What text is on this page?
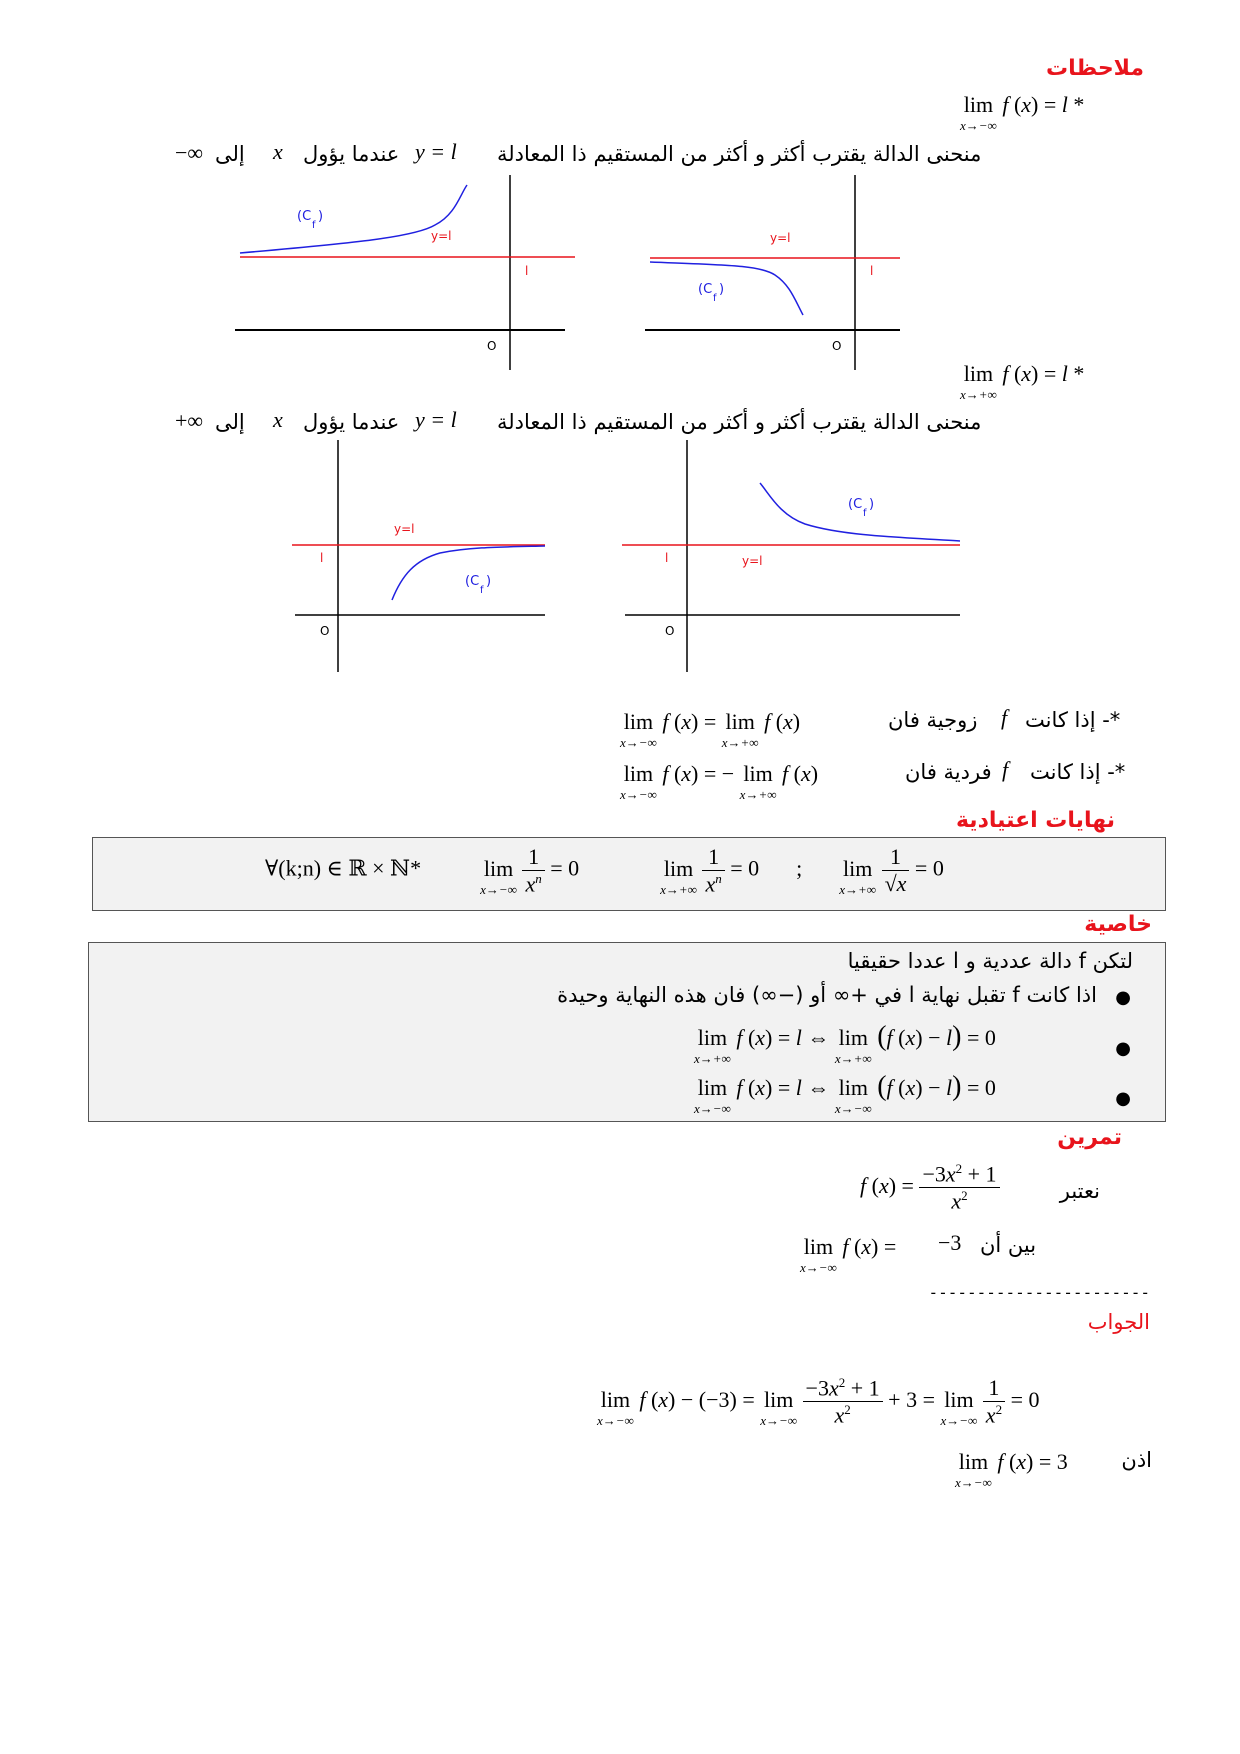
ملاحظات
lim
x→−∞
f (x) = l *
−∞ إلى x عندما يؤول y = l منحنى الدالة يقترب أكثر و أكثر من المستقيم ذا المعادلة
(C
f
)
y=l
l
O
(C
f
)
y=l
l
O
lim
x→+∞
f (x) = l *
+∞ إلى x عندما يؤول y = l منحنى الدالة يقترب أكثر و أكثر من المستقيم ذا المعادلة
(C
f
)
y=l
l
O
(C
f
)
y=l
l
O
lim
x→−∞
f (x) = lim
x→+∞
f (x)	زوجية فان f *- إذا كانت
lim
x→−∞
f (x) = − lim
x→+∞
f (x)	فردية فان f *- إذا كانت
نهايات اعتيادية
∀(k;n) ∈ ℝ × ℕ*	lim
x→−∞
$\frac{1}{x^n} = 0$	lim
x→+∞
$\frac{1}{x^n} = 0$  ; lim
x→+∞
$\frac{1}{√x} = 0$
خاصية
لتكن f دالة عددية و l عددا حقيقيا
●
اذا كانت f تقبل نهاية l في +∞ أو (−∞) فان هذه النهاية وحيدة
●
lim
x→+∞
f (x) = l ⇔ lim
x→+∞
(f (x) − l) = 0
●
lim
x→−∞
f (x) = l ⇔ lim
x→−∞
(f (x) − l) = 0
تمرين
نعتبر
f $(x) = \frac{-3x^2 + 1}{x^2}$
lim
x→−∞
f (x) = −3 بين أن
-----------------------
الجواب
lim
x→−∞
f (x) − (−3) = lim
x→−∞
$\frac{-3x^2 + 1}{x^2} + 3 = \lim$
x→−∞
$\frac{1}{x^2} = 0$
lim
x→−∞
f (x) = 3	اذن
